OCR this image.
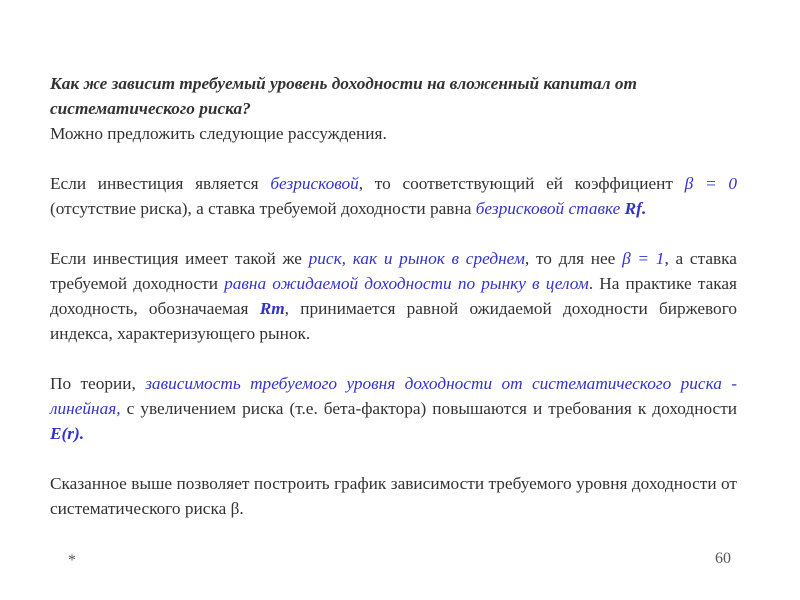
Как же зависит требуемый уровень доходности на вложенный капитал от систематического риска?
Можно предложить следующие рассуждения.

Если инвестиция является безрисковой, то соответствующий ей коэффициент β = 0 (отсутствие риска), а ставка требуемой доходности равна безрисковой ставке Rf.

Если инвестиция имеет такой же риск, как и рынок в среднем, то для нее β = 1, а ставка требуемой доходности равна ожидаемой доходности по рынку в целом. На практике такая доходность, обозначаемая Rm, принимается равной ожидаемой доходности биржевого индекса, характеризующего рынок.

По теории, зависимость требуемого уровня доходности от систематического риска - линейная, с увеличением риска (т.е. бета-фактора) повышаются и требования к доходности E(r).

Сказанное выше позволяет построить график зависимости требуемого уровня доходности от систематического риска β.

*	60
